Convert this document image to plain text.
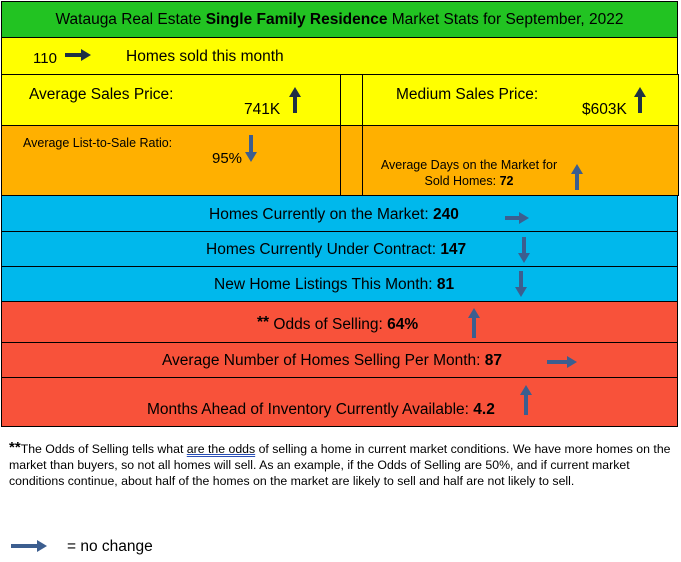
Watauga Real Estate Single Family Residence Market Stats for September, 2022
110	Homes sold this month
Average Sales Price:
741K
Medium Sales Price:
$603K
Average List-to-Sale Ratio:
95%	Average Days on the Market for
Sold Homes: 72
Homes Currently on the Market: 240
Homes Currently Under Contract: 147
New Home Listings This Month: 81
** Odds of Selling: 64%
Average Number of Homes Selling Per Month: 87
Months Ahead of Inventory Currently Available: 4.2
**The Odds of Selling tells what are the odds of selling a home in current market conditions. We have more homes on the market than buyers, so not all homes will sell. As an example, if the Odds of Selling are 50%, and if current market conditions continue, about half of the homes on the market are likely to sell and half are not likely to sell.
= no change
